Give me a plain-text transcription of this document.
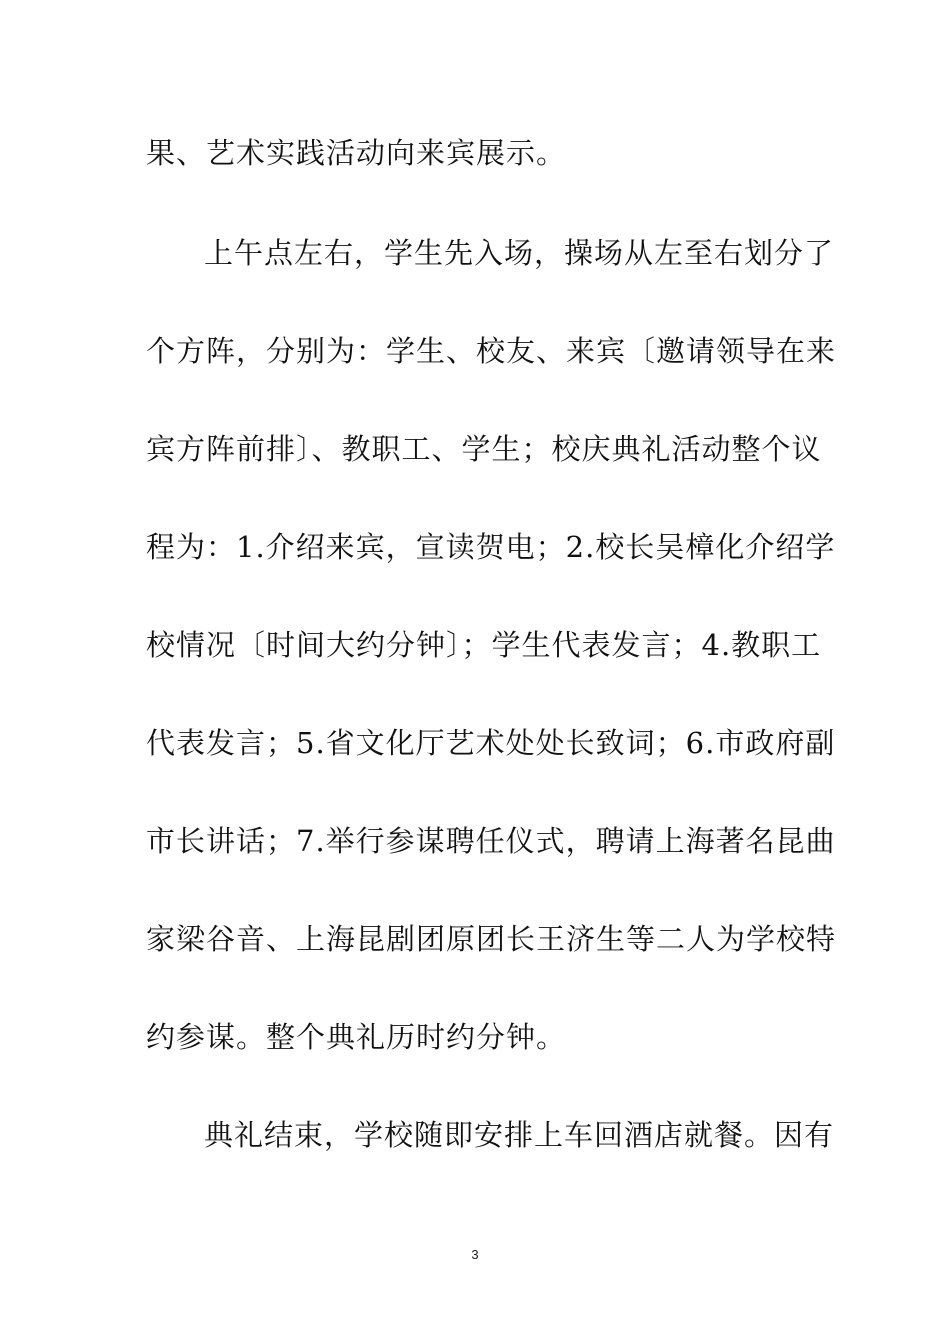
果、艺术实践活动向来宾展示。
上午点左右，学生先入场，操场从左至右划分了
个方阵，分别为：学生、校友、来宾〔邀请领导在来
宾方阵前排〕、教职工、学生；校庆典礼活动整个议
程为：1.介绍来宾，宣读贺电；2.校长吴樟化介绍学
校情况〔时间大约分钟〕；学生代表发言；4.教职工
代表发言；5.省文化厅艺术处处长致词；6.市政府副
市长讲话；7.举行参谋聘任仪式，聘请上海著名昆曲
家梁谷音、上海昆剧团原团长王济生等二人为学校特
约参谋。整个典礼历时约分钟。
典礼结束，学校随即安排上车回酒店就餐。因有
3
